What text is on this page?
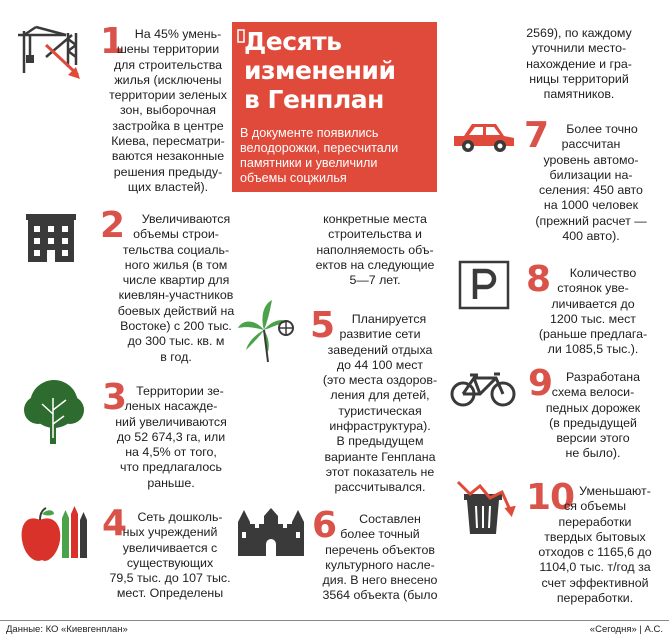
Десять
изменений
в Генплан
В документе появились
велодорожки, пересчитали
памятники и увеличили
объемы соцжилья
1 На 45% умень-
шены территории
для строительства
жилья (исключены
территории зеленых
зон, выборочная
застройка в центре
Киева, пересматри-
ваются незаконные
решения предыду-
щих властей).
2	Увеличиваются
объемы строи-
тельства социаль-
ного жилья (в том
числе квартир для
киевлян-участников
боевых действий на
Востоке) с 200 тыс.
до 300 тыс. кв. м
в год.
3 Территории зе-
леных насажде-
ний увеличиваются
до 52 674,3 га, или
на 4,5% от того,
что предлагалось
раньше.
4 Сеть дошколь-
ных учреждений
увеличивается с
существующих
79,5 тыс. до 107 тыс.
мест. Определены
конкретные места
строительства и
наполняемость объ-
ектов на следующие
5—7 лет.
5	Планируется
развитие сети
заведений отдыха
до 44 100 мест
(это места оздоров-
ления для детей,
туристическая
инфраструктура).
В предыдущем
варианте Генплана
этот показатель не
рассчитывался.
6	Составлен
более точный
перечень объектов
культурного насле-
дия. В него внесено
3564 объекта (было
2569), по каждому
уточнили место-
нахождение и гра-
ницы территорий
памятников.
7	Более точно
рассчитан
уровень автомо-
билизации на-
селения: 450 авто
на 1000 человек
(прежний расчет —
400 авто).
8	Количество
стоянок уве-
личивается до
1200 тыс. мест
(раньше предлага-
ли 1085,5 тыс.).
9	Разработана
схема велоси-
педных дорожек
(в предыдущей
версии этого
не было).
10 Уменьшают-
ся объемы
переработки
твердых бытовых
отходов с 1165,6 до
1104,0 тыс. т/год за
счет эффективной
переработки.
Данные: КО «Киевгенплан»	«Сегодня» | А.С.
